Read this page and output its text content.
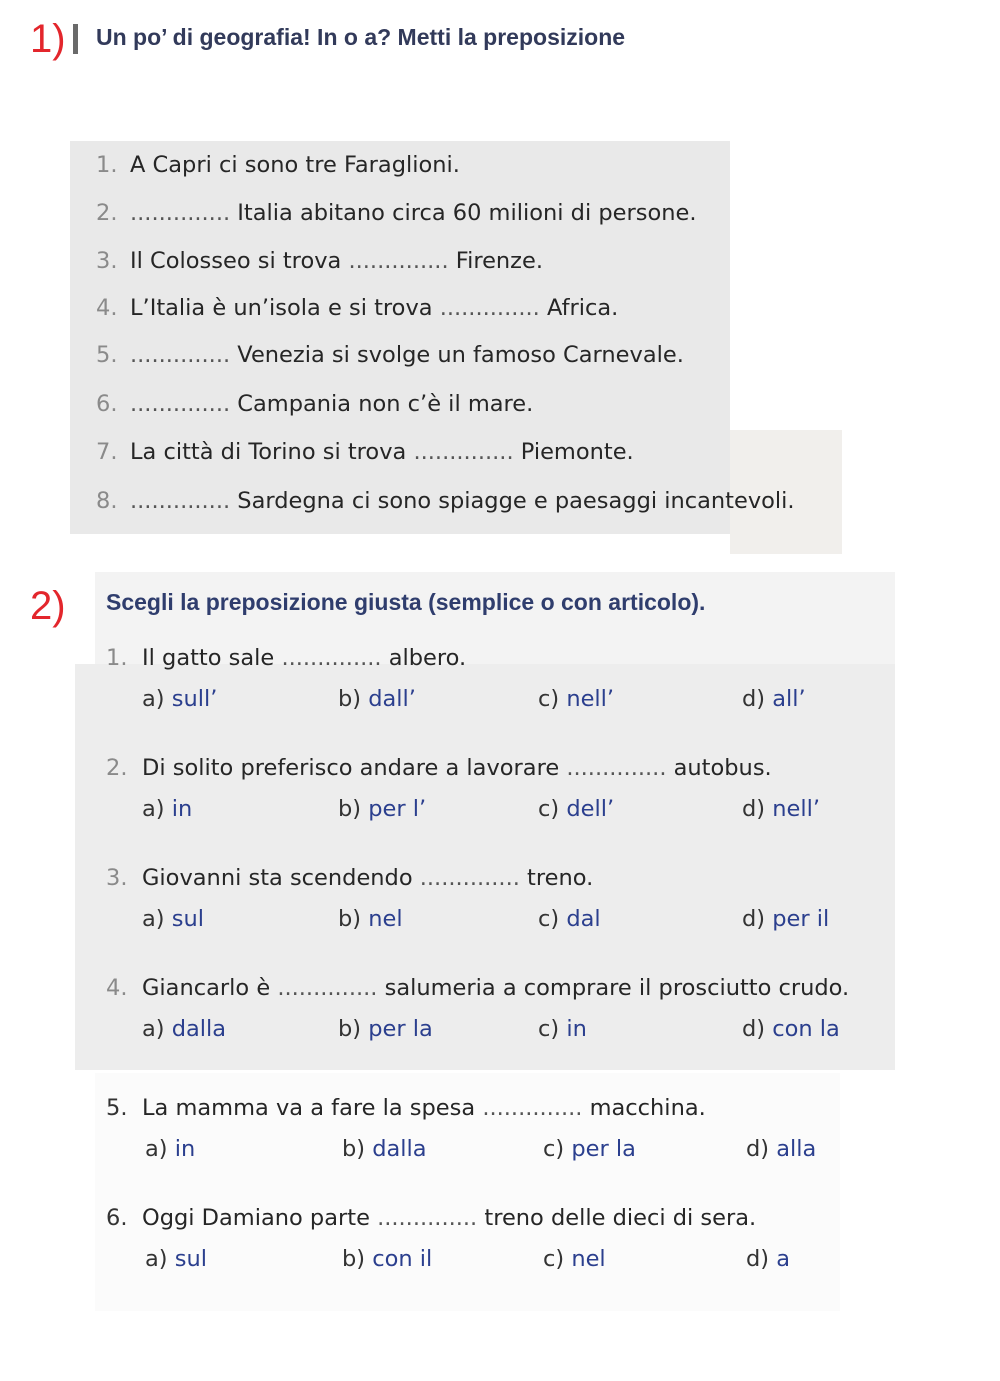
1) Un po’ di geografia! In o a? Metti la preposizione
1. A Capri ci sono tre Faraglioni.
2. .............. Italia abitano circa 60 milioni di persone.
3. Il Colosseo si trova .............. Firenze.
4. L’Italia è un’isola e si trova .............. Africa.
5. .............. Venezia si svolge un famoso Carnevale.
6. .............. Campania non c’è il mare.
7. La città di Torino si trova .............. Piemonte.
8. .............. Sardegna ci sono spiagge e paesaggi incantevoli.
2) Scegli la preposizione giusta (semplice o con articolo).
1. Il gatto sale .............. albero.
a) sull’	b) dall’	c) nell’	d) all’
2. Di solito preferisco andare a lavorare .............. autobus.
a) in	b) per l’	c) dell’	d) nell’
3. Giovanni sta scendendo .............. treno.
a) sul	b) nel	c) dal	d) per il
4. Giancarlo è .............. salumeria a comprare il prosciutto crudo.
a) dalla	b) per la	c) in	d) con la
5. La mamma va a fare la spesa .............. macchina.
a) in	b) dalla	c) per la	d) alla
6. Oggi Damiano parte .............. treno delle dieci di sera.
a) sul	b) con il	c) nel	d) a
